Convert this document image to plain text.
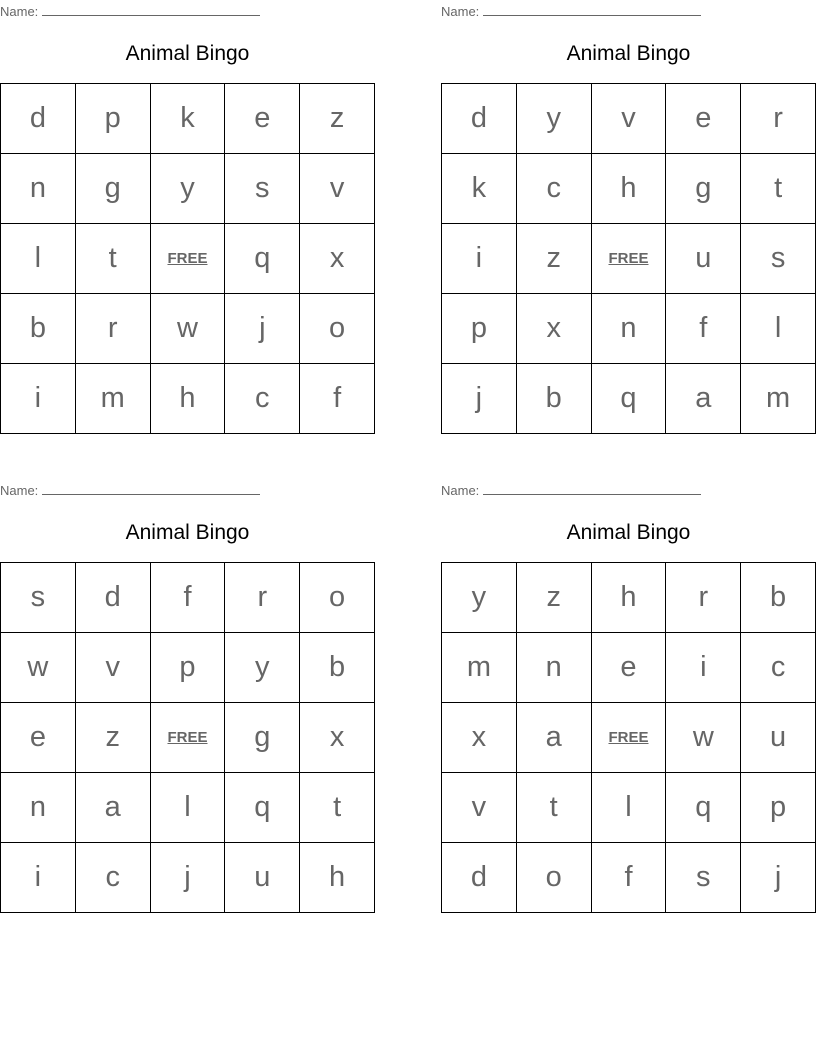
Name:
Animal Bingo
d	p	k	e	z
n	g	y	s	v
l	t	FREE	q	x
b	r	w	j	o
i	m	h	c	f
Name:
Animal Bingo
d	y	v	e	r
k	c	h	g	t
i	z	FREE	u	s
p	x	n	f	l
j	b	q	a	m
Name:
Animal Bingo
s	d	f	r	o
w	v	p	y	b
e	z	FREE	g	x
n	a	l	q	t
i	c	j	u	h
Name:
Animal Bingo
y	z	h	r	b
m	n	e	i	c
x	a	FREE	w	u
v	t	l	q	p
d	o	f	s	j
